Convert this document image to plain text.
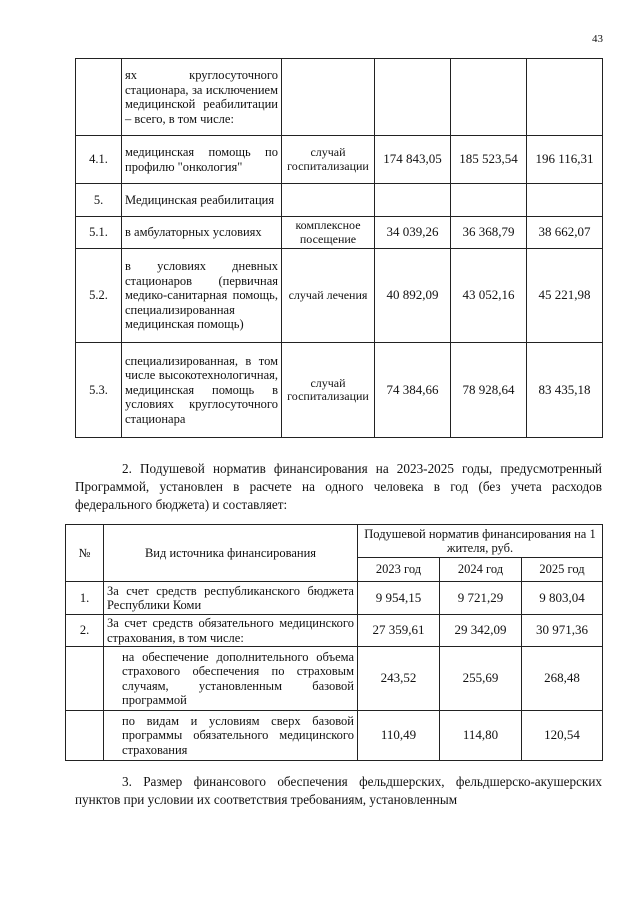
43
	ях круглосуточного стационара, за исключением медицинской реабилитации – всего, в том числе:				
4.1.	медицинская помощь по профилю "онкология"	случай госпитализации	174 843,05	185 523,54	196 116,31
5.	Медицинская реабилитация				
5.1.	в амбулаторных условиях	комплексное посещение	34 039,26	36 368,79	38 662,07
5.2.	в условиях дневных стационаров (первичная медико-санитарная помощь, специализированная медицинская помощь)	случай лечения	40 892,09	43 052,16	45 221,98
5.3.	специализированная, в том числе высокотехнологичная, медицинская помощь в условиях круглосуточного стационара	случай госпитализации	74 384,66	78 928,64	83 435,18
2. Подушевой норматив финансирования на 2023-2025 годы, предусмотренный Программой, установлен в расчете на одного человека в год (без учета расходов федерального бюджета) и составляет:
№	Вид источника финансирования	Подушевой норматив финансирования на 1 жителя, руб.		
		2023 год	2024 год	2025 год
1.	За счет средств республиканского бюджета Республики Коми	9 954,15	9 721,29	9 803,04
2.	За счет средств обязательного медицинского страхования, в том числе:	27 359,61	29 342,09	30 971,36
	на обеспечение дополнительного объема страхового обеспечения по страховым случаям, установленным базовой программой	243,52	255,69	268,48
	по видам и условиям сверх базовой программы обязательного медицинского страхования	110,49	114,80	120,54
3. Размер финансового обеспечения фельдшерских, фельдшерско-акушерских пунктов при условии их соответствия требованиям, установленным
